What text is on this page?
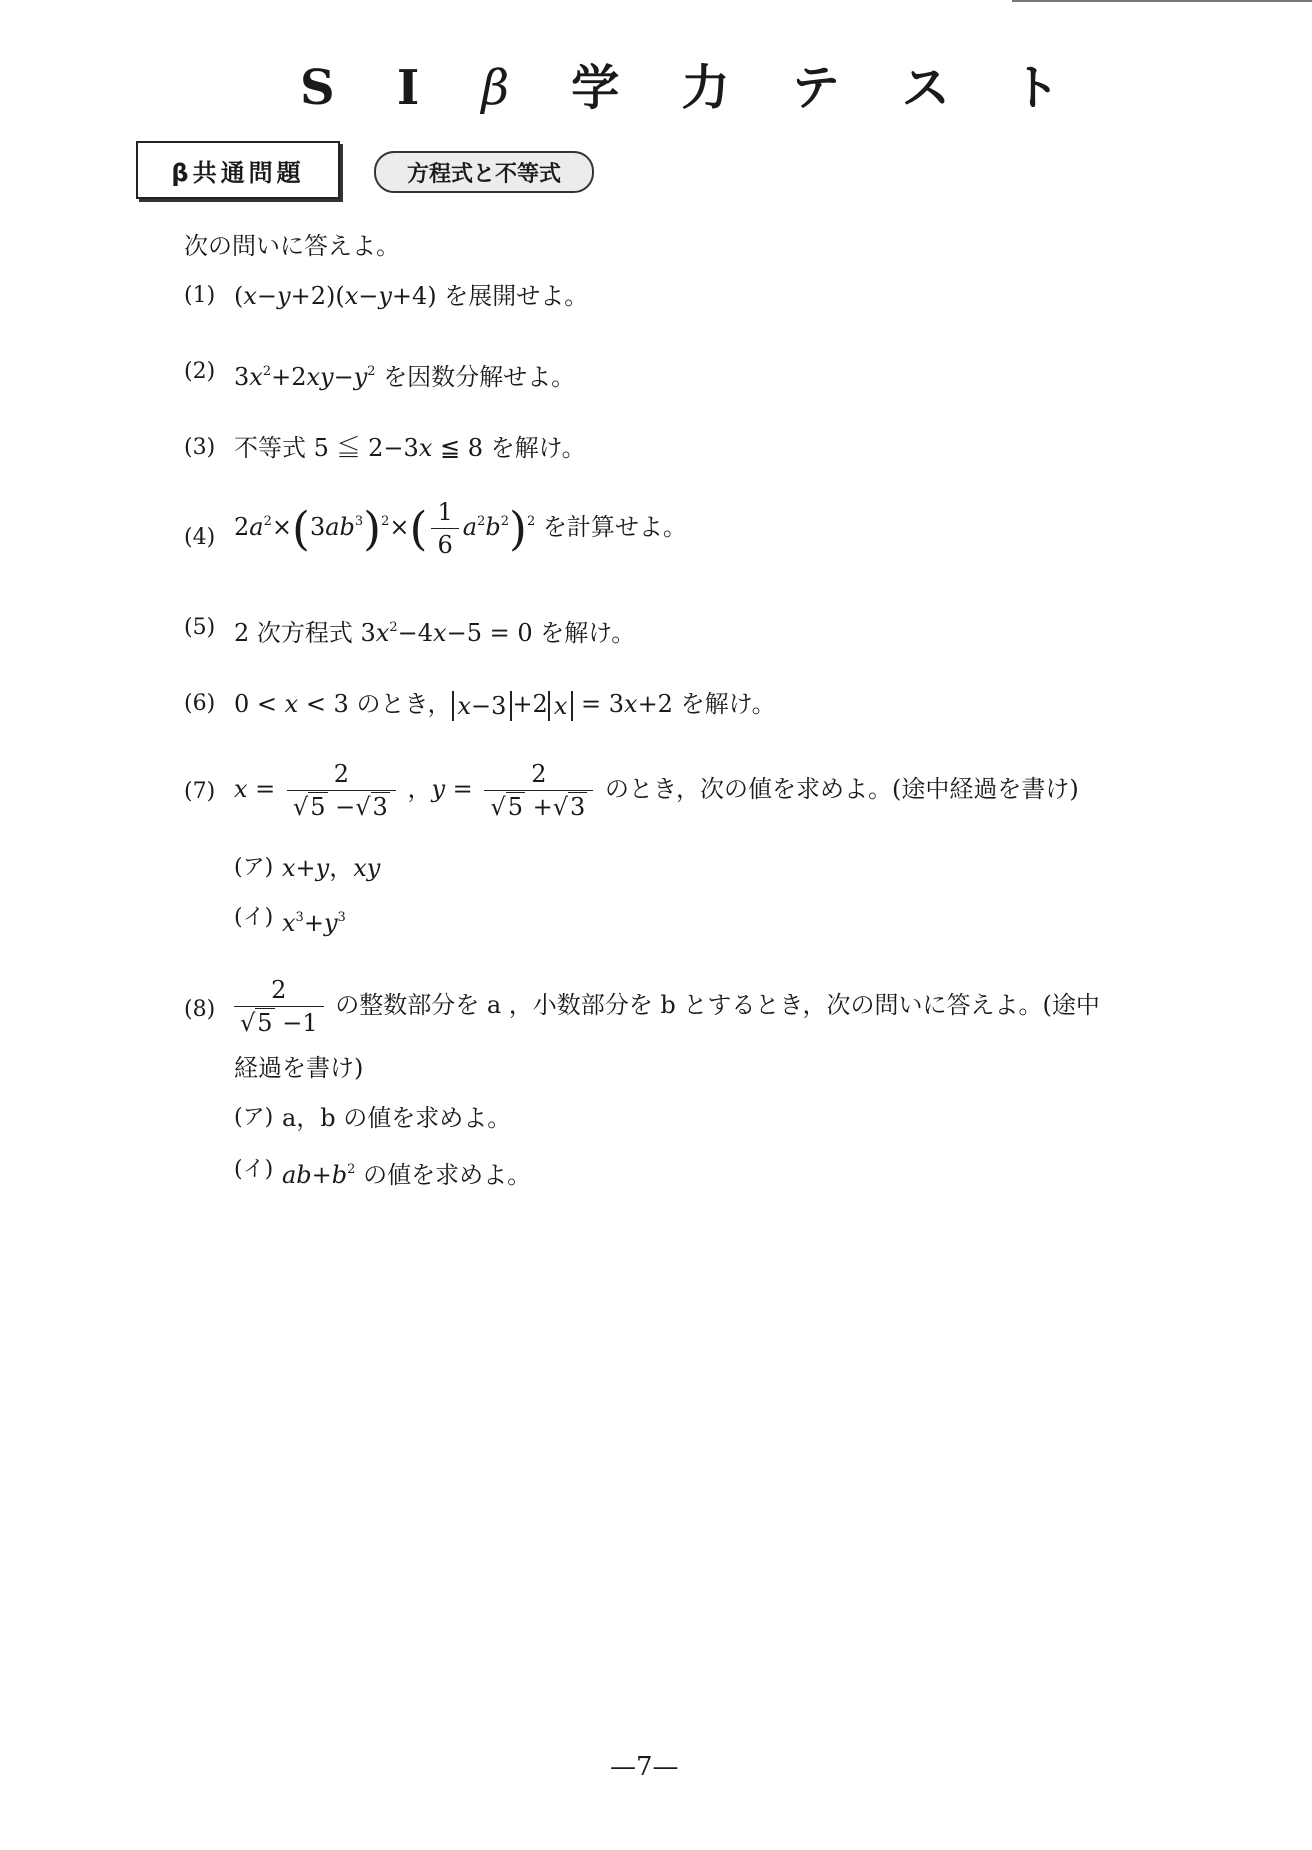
S I β 学 力 テ ス ト
β共通問題	方程式と不等式
次の問いに答えよ。
(1) (x−y+2)(x−y+4) を展開せよ。
(2) $3x^2+2xy-y^2$ を因数分解せよ。
(3) 不等式 5 ≦ 2−3x ≦ 8 を解け。
(4) $2a^2\times(3ab^3)^2\times( \frac{1}{6} a^2b^2)^2$ を計算せよ。
(5) 2 次方程式 $3x^2-4x-5 = 0$ を解け。
(6) 0 < x < 3 のとき， x−3 +2 x = 3x+2 を解け。
(7) $x = \frac{2}{√5 -√3}$ ，$y = \frac{2}{√5 +√3}$ のとき，次の値を求めよ。(途中経過を書け)
(ア) x+y，xy
(イ) $x^3+y^3$
$(8) \frac{2}{√5 -1}$ の整数部分を a ，小数部分を b とするとき，次の問いに答えよ。(途中
経過を書け)
(ア) a，b の値を求めよ。
(イ) $ab+b^2$ の値を求めよ。
—7—
